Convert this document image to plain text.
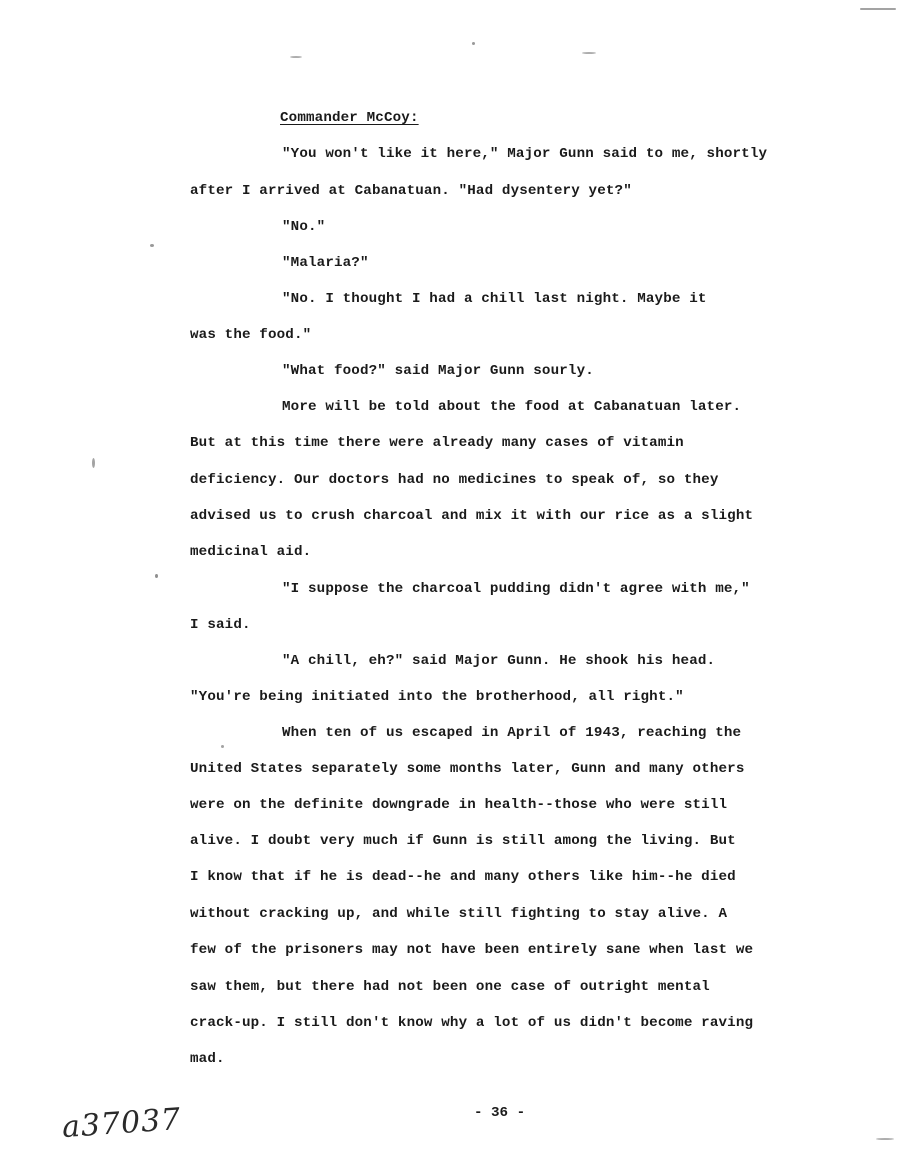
Commander McCoy:
"You won't like it here," Major Gunn said to me, shortly
after I arrived at Cabanatuan. "Had dysentery yet?"
"No."
"Malaria?"
"No. I thought I had a chill last night. Maybe it
was the food."
"What food?" said Major Gunn sourly.
More will be told about the food at Cabanatuan later.
But at this time there were already many cases of vitamin
deficiency. Our doctors had no medicines to speak of, so they
advised us to crush charcoal and mix it with our rice as a slight
medicinal aid.
"I suppose the charcoal pudding didn't agree with me,"
I said.
"A chill, eh?" said Major Gunn. He shook his head.
"You're being initiated into the brotherhood, all right."
When ten of us escaped in April of 1943, reaching the
United States separately some months later, Gunn and many others
were on the definite downgrade in health--those who were still
alive. I doubt very much if Gunn is still among the living. But
I know that if he is dead--he and many others like him--he died
without cracking up, and while still fighting to stay alive. A
few of the prisoners may not have been entirely sane when last we
saw them, but there had not been one case of outright mental
crack-up. I still don't know why a lot of us didn't become raving
mad.
- 36 -
a37037
